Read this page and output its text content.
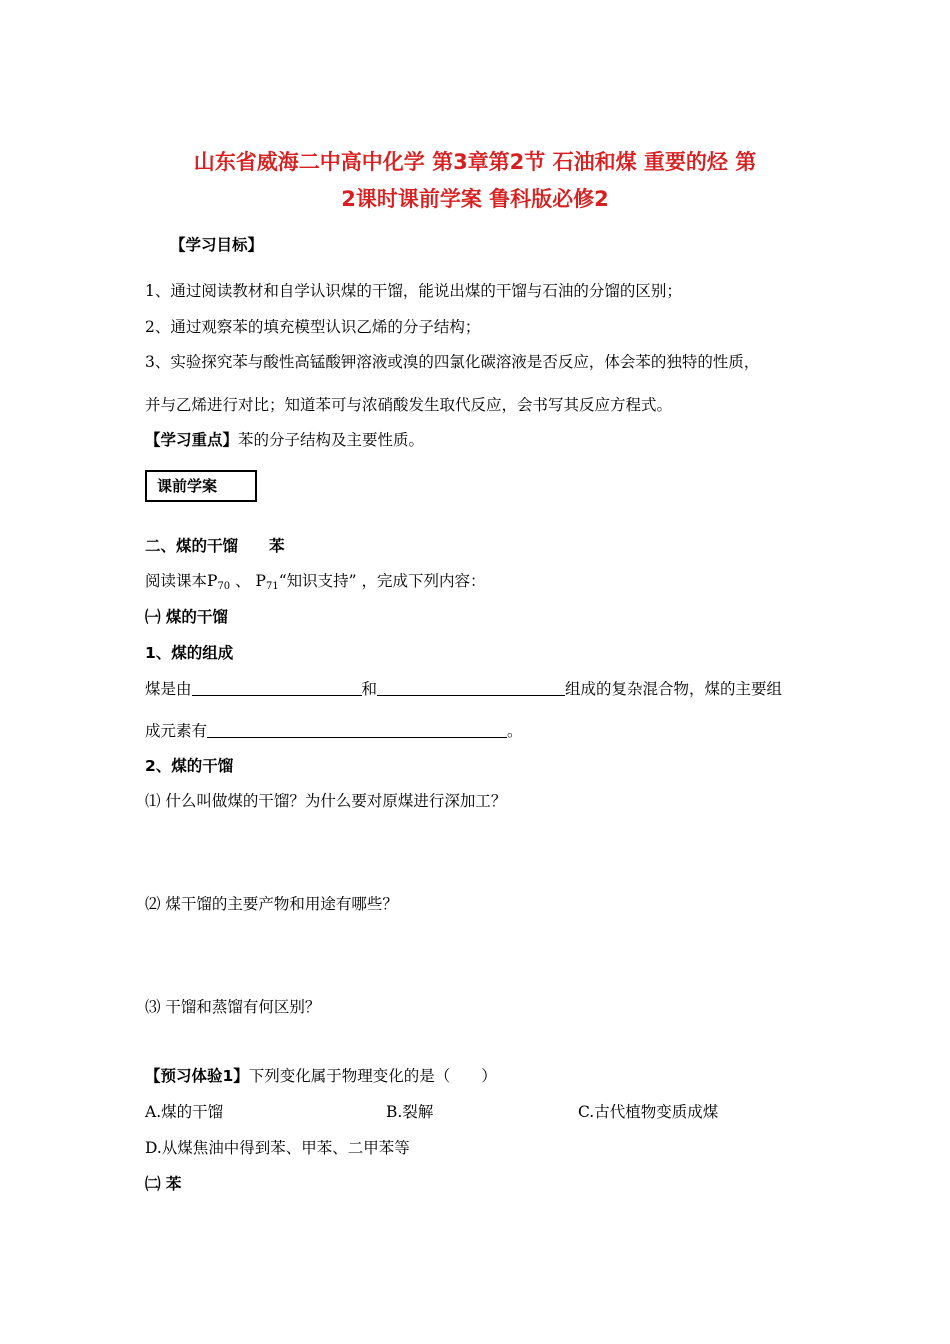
山东省威海二中高中化学 第3章第2节 石油和煤 重要的烃 第
2课时课前学案 鲁科版必修2
【学习目标】
1、通过阅读教材和自学认识煤的干馏，能说出煤的干馏与石油的分馏的区别；
2、通过观察苯的填充模型认识乙烯的分子结构；
3、实验探究苯与酸性高锰酸钾溶液或溴的四氯化碳溶液是否反应，体会苯的独特的性质，
并与乙烯进行对比；知道苯可与浓硝酸发生取代反应，会书写其反应方程式。
【学习重点】苯的分子结构及主要性质。
课前学案
二、煤的干馏　　苯
阅读课本$P_{70}$ 、 $P_{71}“$知识支持” ，完成下列内容：
㈠ 煤的干馏
1、煤的组成
煤是由	和	组成的复杂混合物，煤的主要组
成元素有	。
2、煤的干馏
⑴ 什么叫做煤的干馏？为什么要对原煤进行深加工？
⑵ 煤干馏的主要产物和用途有哪些？
⑶ 干馏和蒸馏有何区别？
【预习体验1】下列变化属于物理变化的是（　　）
A.煤的干馏	B.裂解	C.古代植物变质成煤
D.从煤焦油中得到苯、甲苯、二甲苯等
㈡ 苯
